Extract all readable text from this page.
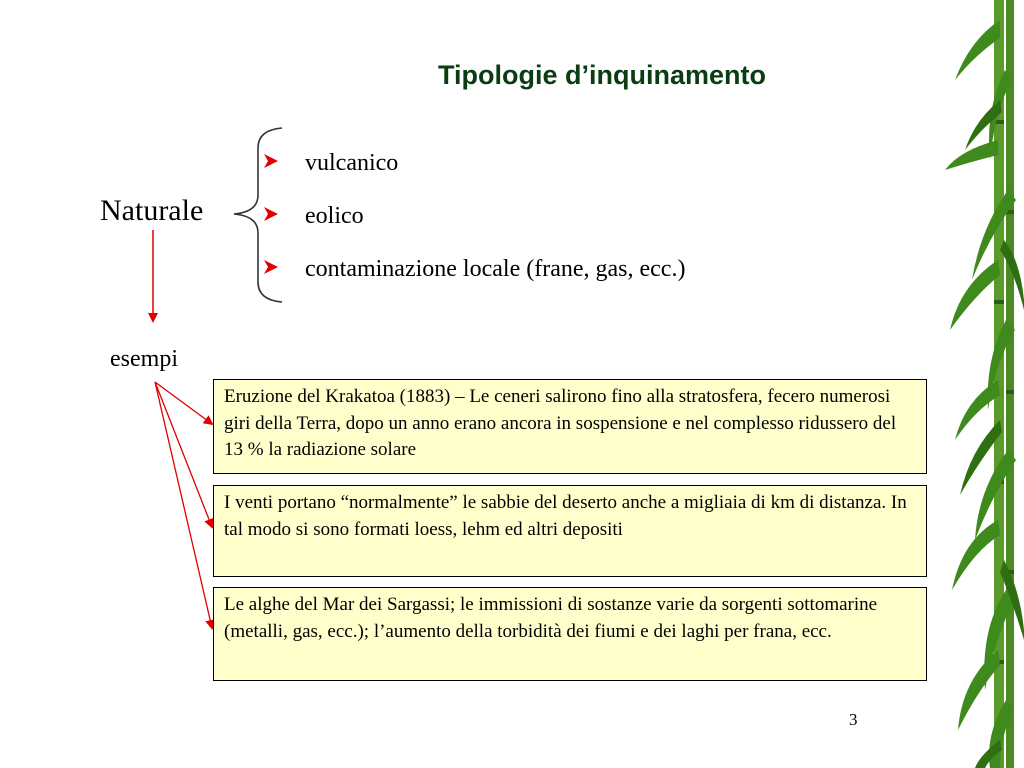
Tipologie d’inquinamento
Naturale
vulcanico
eolico
contaminazione locale (frane, gas, ecc.)
esempi

Eruzione del Krakatoa (1883) – Le ceneri salirono fino alla stratosfera, fecero numerosi giri della Terra, dopo un anno erano ancora in sospensione e nel complesso ridussero del 13 % la radiazione solare

I venti portano “normalmente” le sabbie del deserto anche a migliaia di km di distanza. In tal modo si sono formati loess, lehm ed altri depositi

Le alghe del Mar dei Sargassi; le immissioni di sostanze varie da sorgenti sottomarine (metalli, gas, ecc.); l’aumento della torbidità dei fiumi e dei laghi per frana, ecc.

3
